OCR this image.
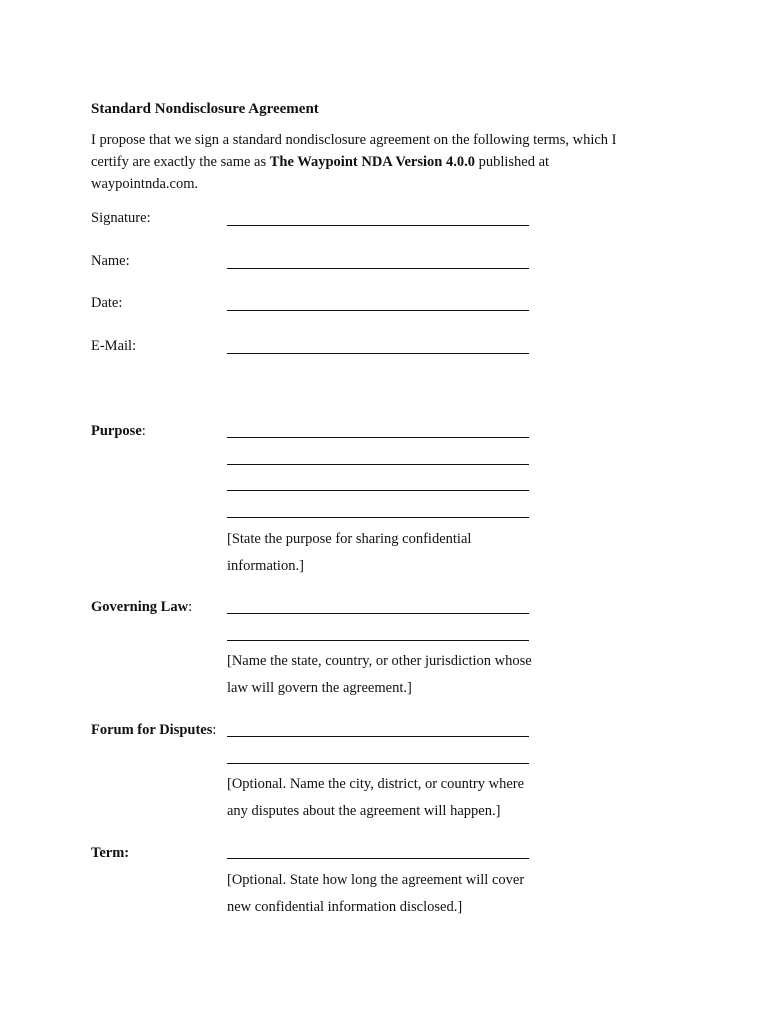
Standard Nondisclosure Agreement
I propose that we sign a standard nondisclosure agreement on the following terms, which I certify are exactly the same as The Waypoint NDA Version 4.0.0 published at waypointnda.com.
Signature:
Name:
Date:
E-Mail:
Purpose:
[State the purpose for sharing confidential information.]
Governing Law:
[Name the state, country, or other jurisdiction whose law will govern the agreement.]
Forum for Disputes:
[Optional. Name the city, district, or country where any disputes about the agreement will happen.]
Term:
[Optional. State how long the agreement will cover new confidential information disclosed.]
